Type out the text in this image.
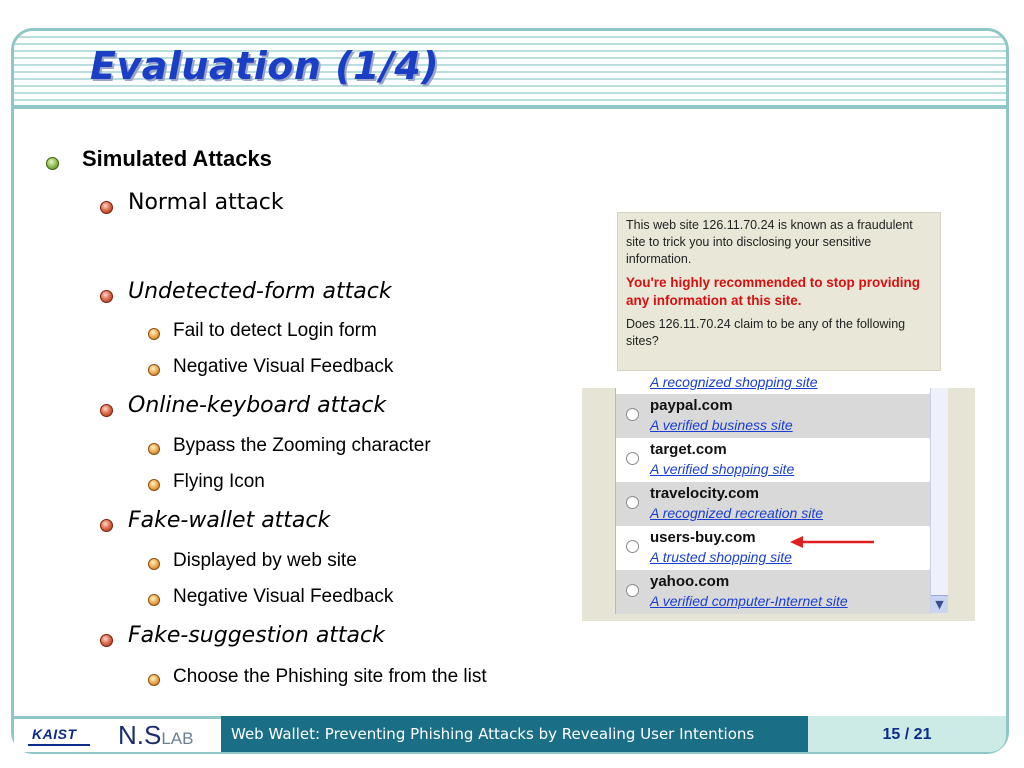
Evaluation (1/4)
Simulated Attacks
Normal attack
Undetected-form attack
Fail to detect Login form
Negative Visual Feedback
Online-keyboard attack
Bypass the Zooming character
Flying Icon
Fake-wallet attack
Displayed by web site
Negative Visual Feedback
Fake-suggestion attack
Choose the Phishing site from the list

This web site 126.11.70.24 is known as a fraudulent site to trick you into disclosing your sensitive information.

You're highly recommended to stop providing any information at this site.

Does 126.11.70.24 claim to be any of the following sites?

A recognized shopping site
paypal.com
A verified business site
target.com
A verified shopping site
travelocity.com
A recognized recreation site
users-buy.com
A trusted shopping site
yahoo.com
A verified computer-Internet site	▼
KAIST N.SLAB	Web Wallet: Preventing Phishing Attacks by Revealing User Intentions	15 / 21
